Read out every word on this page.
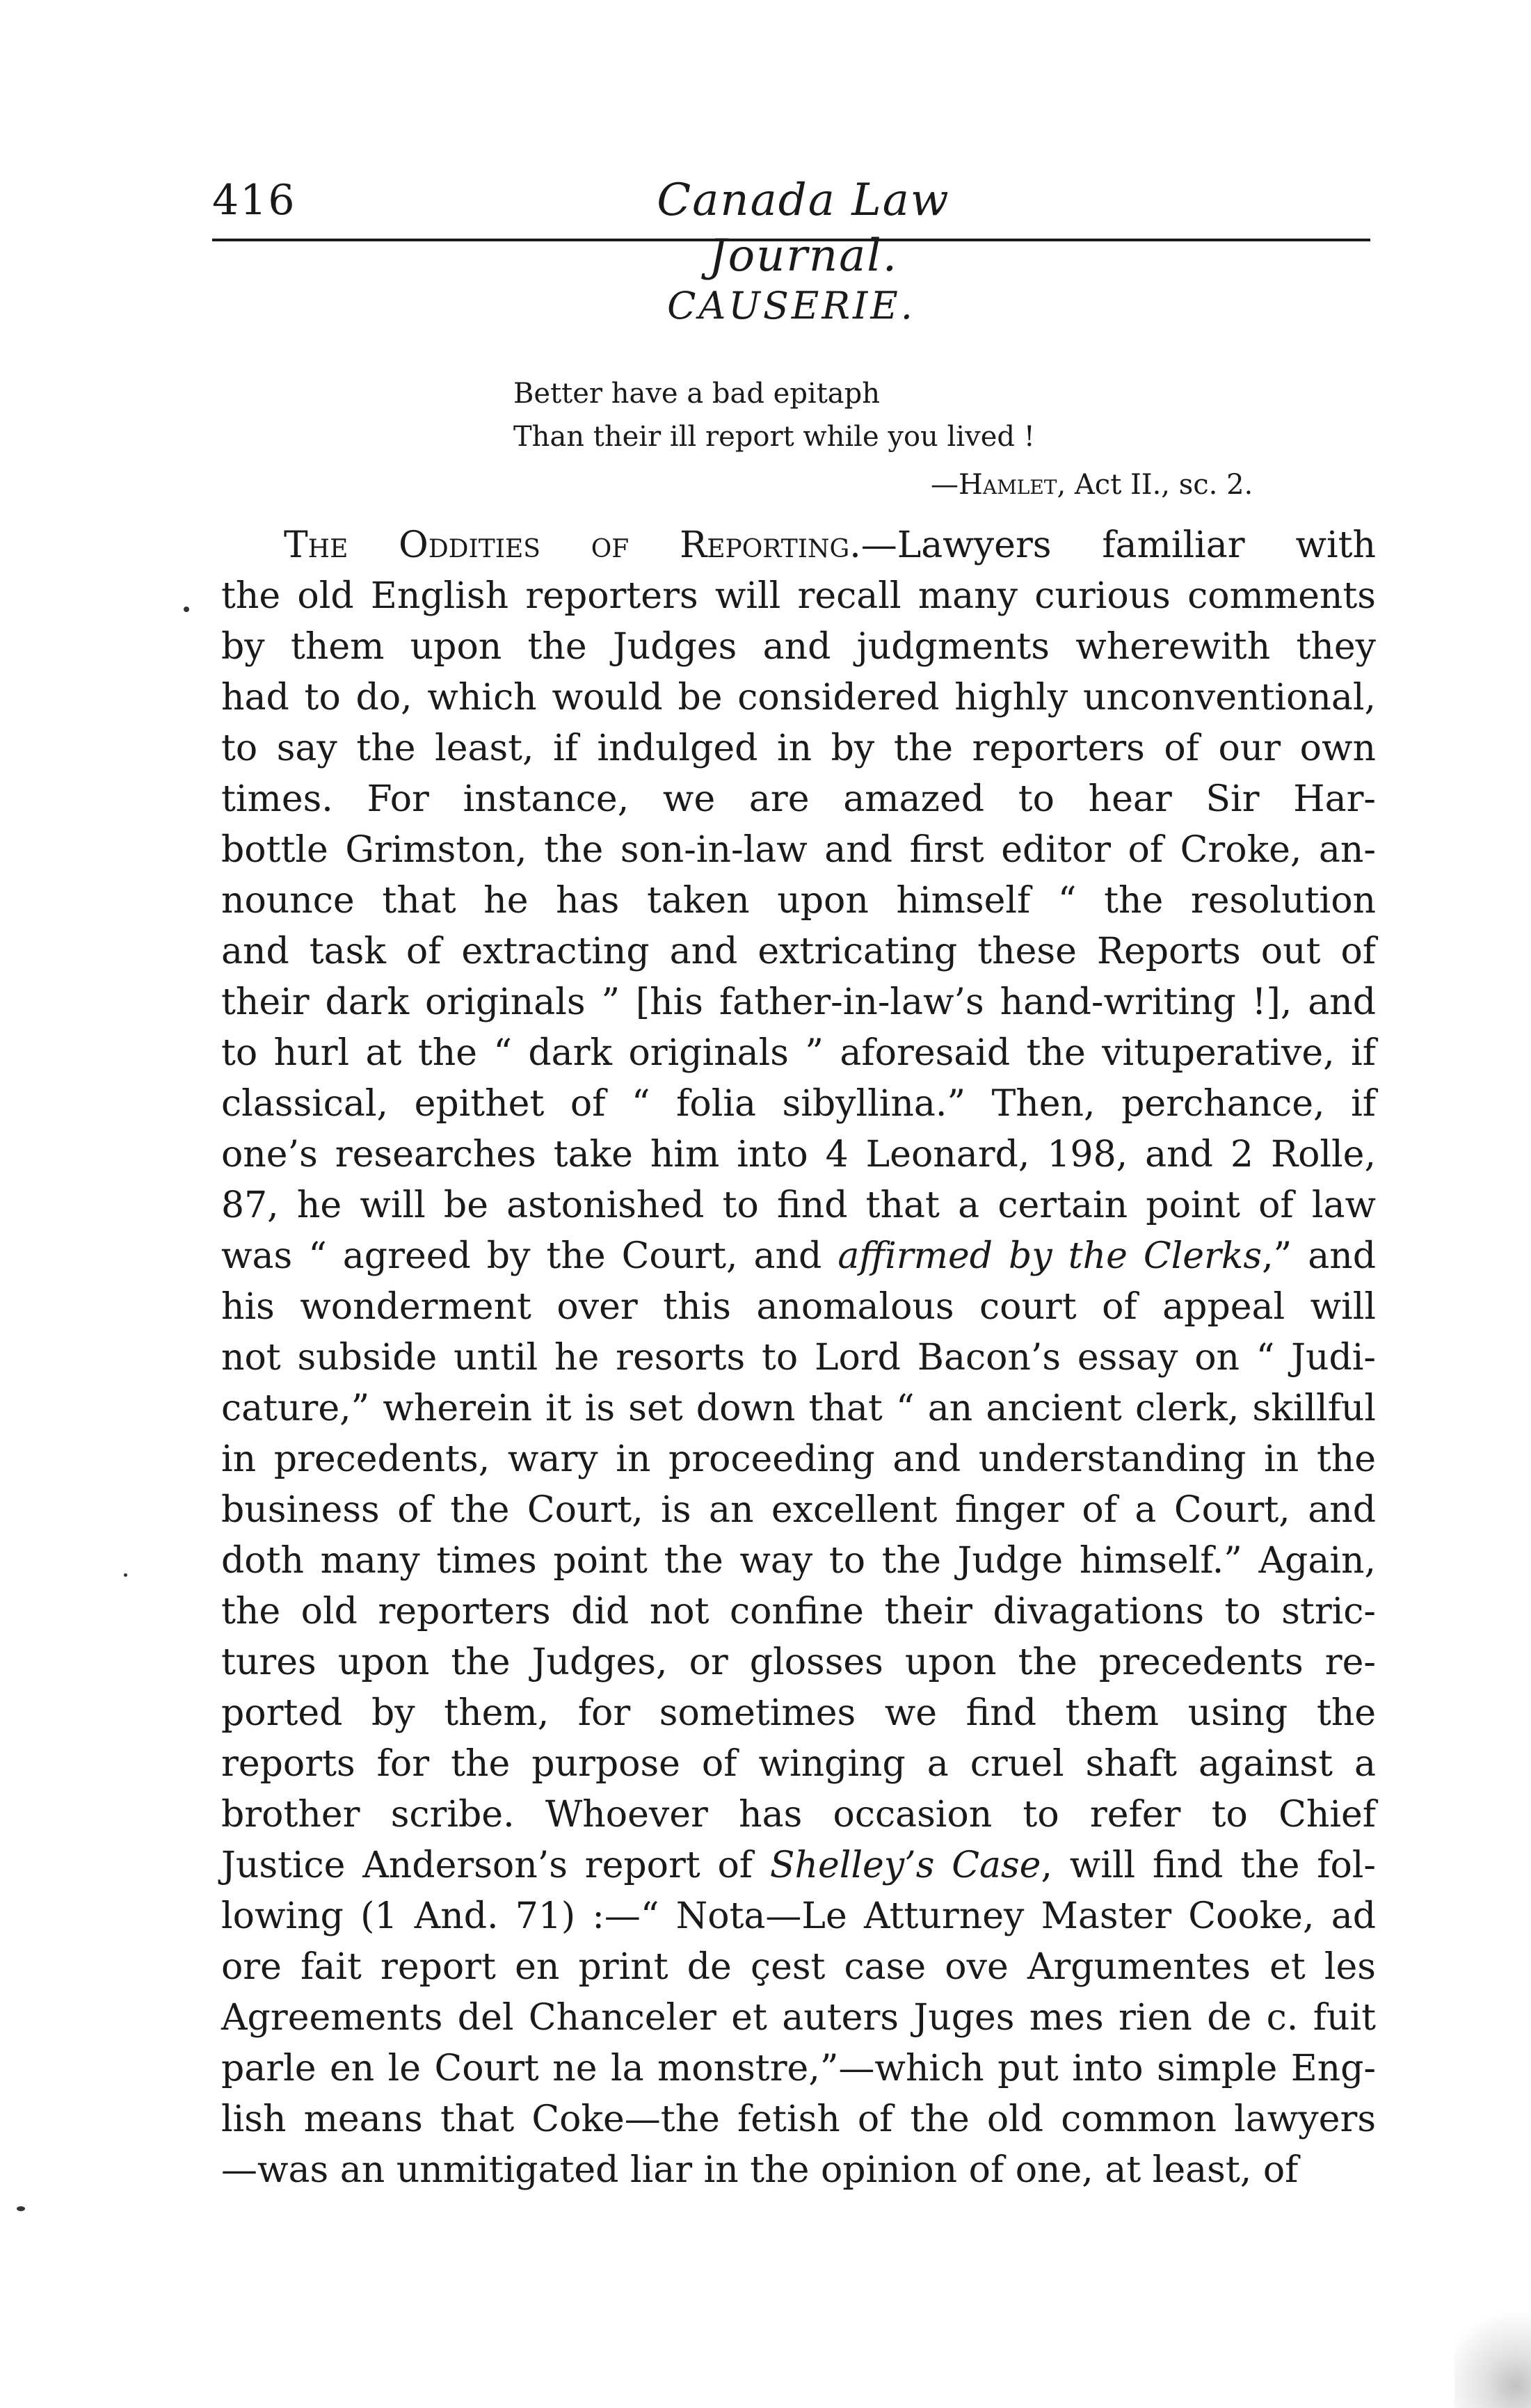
416	Canada Law Journal.
CAUSERIE.
Better have a bad epitaph
Than their ill report while you lived !
—Hamlet, Act II., sc. 2.
The Oddities of Reporting.—Lawyers familiar with
the old English reporters will recall many curious comments
by them upon the Judges and judgments wherewith they
had to do, which would be considered highly unconventional,
to say the least, if indulged in by the reporters of our own
times. For instance, we are amazed to hear Sir Har-
bottle Grimston, the son-in-law and first editor of Croke, an-
nounce that he has taken upon himself “ the resolution
and task of extracting and extricating these Reports out of
their dark originals ” [his father-in-law’s hand-writing !], and
to hurl at the “ dark originals ” aforesaid the vituperative, if
classical, epithet of “ folia sibyllina.” Then, perchance, if
one’s researches take him into 4 Leonard, 198, and 2 Rolle,
87, he will be astonished to find that a certain point of law
was “ agreed by the Court, and affirmed by the Clerks,” and
his wonderment over this anomalous court of appeal will
not subside until he resorts to Lord Bacon’s essay on “ Judi-
cature,” wherein it is set down that “ an ancient clerk, skillful
in precedents, wary in proceeding and understanding in the
business of the Court, is an excellent finger of a Court, and
doth many times point the way to the Judge himself.” Again,
the old reporters did not confine their divagations to stric-
tures upon the Judges, or glosses upon the precedents re-
ported by them, for sometimes we find them using the
reports for the purpose of winging a cruel shaft against a
brother scribe. Whoever has occasion to refer to Chief
Justice Anderson’s report of Shelley’s Case, will find the fol-
lowing (1 And. 71) :—“ Nota—Le Atturney Master Cooke, ad
ore fait report en print de çest case ove Argumentes et les
Agreements del Chanceler et auters Juges mes rien de c. fuit
parle en le Court ne la monstre,”—which put into simple Eng-
lish means that Coke—the fetish of the old common lawyers
—was an unmitigated liar in the opinion of one, at least, of
